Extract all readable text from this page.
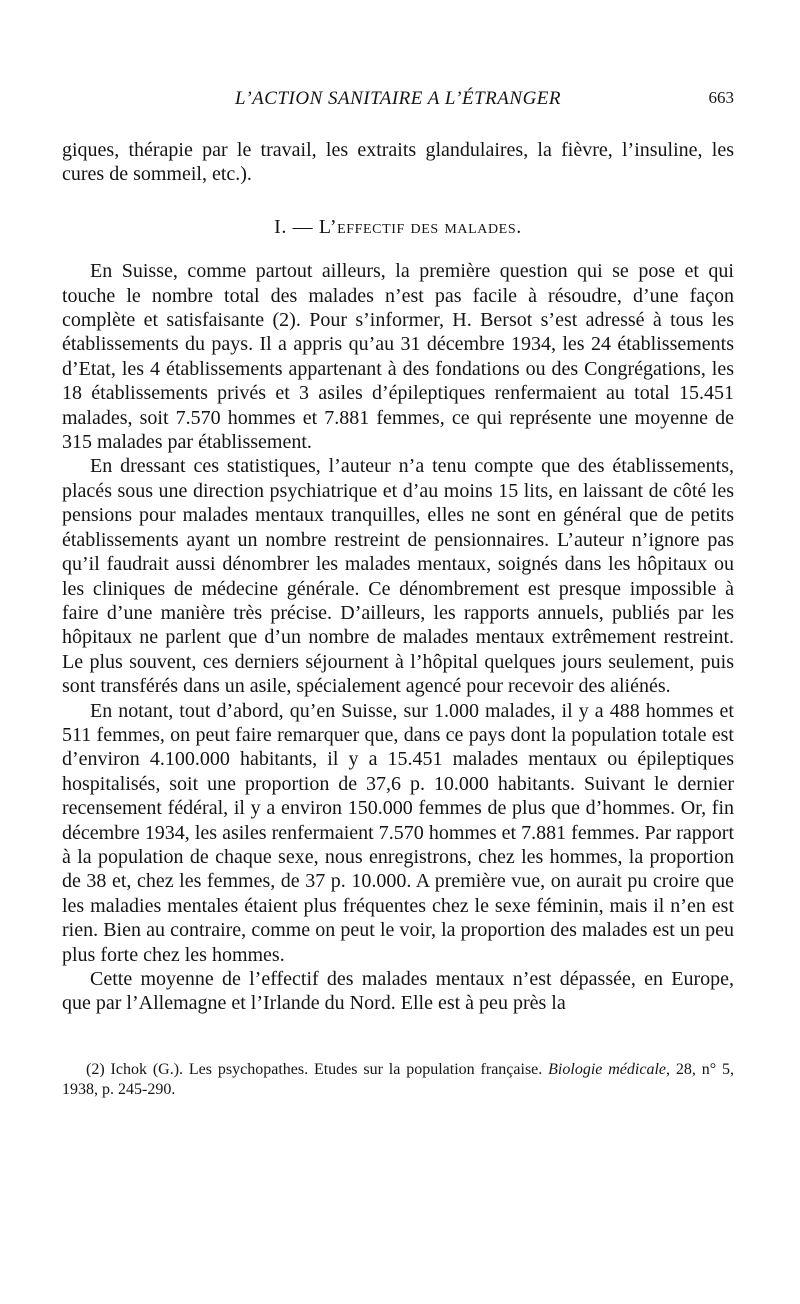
L’ACTION SANITAIRE A L’ÉTRANGER	663

giques, thérapie par le travail, les extraits glandulaires, la fièvre, l’insuline, les cures de sommeil, etc.).

I. — L’effectif des malades.

En Suisse, comme partout ailleurs, la première question qui se pose et qui touche le nombre total des malades n’est pas facile à résoudre, d’une façon complète et satisfaisante (2). Pour s’informer, H. Bersot s’est adressé à tous les établissements du pays. Il a appris qu’au 31 décembre 1934, les 24 établissements d’Etat, les 4 établissements appartenant à des fondations ou des Congrégations, les 18 établissements privés et 3 asiles d’épileptiques renfermaient au total 15.451 malades, soit 7.570 hommes et 7.881 femmes, ce qui représente une moyenne de 315 malades par établissement.

En dressant ces statistiques, l’auteur n’a tenu compte que des établissements, placés sous une direction psychiatrique et d’au moins 15 lits, en laissant de côté les pensions pour malades mentaux tranquilles, elles ne sont en général que de petits établissements ayant un nombre restreint de pensionnaires. L’auteur n’ignore pas qu’il faudrait aussi dénombrer les malades mentaux, soignés dans les hôpitaux ou les cliniques de médecine générale. Ce dénombrement est presque impossible à faire d’une manière très précise. D’ailleurs, les rapports annuels, publiés par les hôpitaux ne parlent que d’un nombre de malades mentaux extrêmement restreint. Le plus souvent, ces derniers séjournent à l’hôpital quelques jours seulement, puis sont transférés dans un asile, spécialement agencé pour recevoir des aliénés.

En notant, tout d’abord, qu’en Suisse, sur 1.000 malades, il y a 488 hommes et 511 femmes, on peut faire remarquer que, dans ce pays dont la population totale est d’environ 4.100.000 habitants, il y a 15.451 malades mentaux ou épileptiques hospitalisés, soit une proportion de 37,6 p. 10.000 habitants. Suivant le dernier recensement fédéral, il y a environ 150.000 femmes de plus que d’hommes. Or, fin décembre 1934, les asiles renfermaient 7.570 hommes et 7.881 femmes. Par rapport à la population de chaque sexe, nous enregistrons, chez les hommes, la proportion de 38 et, chez les femmes, de 37 p. 10.000. A première vue, on aurait pu croire que les maladies mentales étaient plus fréquentes chez le sexe féminin, mais il n’en est rien. Bien au contraire, comme on peut le voir, la proportion des malades est un peu plus forte chez les hommes.

Cette moyenne de l’effectif des malades mentaux n’est dépassée, en Europe, que par l’Allemagne et l’Irlande du Nord. Elle est à peu près la

(2) Ichok (G.). Les psychopathes. Etudes sur la population française. Biologie médicale, 28, n° 5, 1938, p. 245-290.
